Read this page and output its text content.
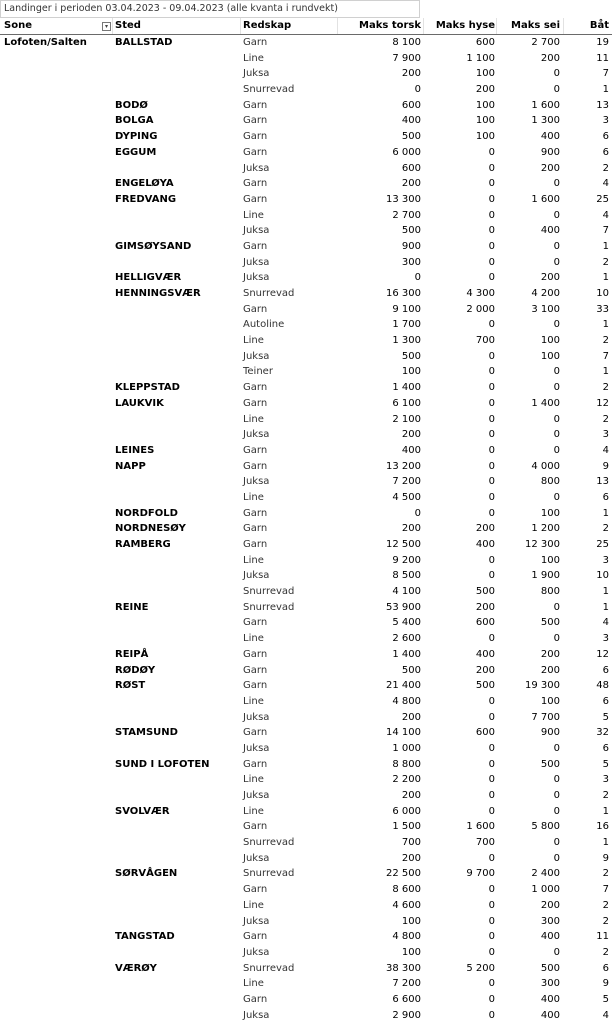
Landinger i perioden 03.04.2023 - 09.04.2023 (alle kvanta i rundvekt)
Sone	▾ Sted	Redskap	Maks torsk	Maks hyse	Maks sei	Båt
Lofoten/Salten	BALLSTAD	Garn	8 100	600	2 700	19
Line	7 900	1 100	200	11
Juksa	200	100	0	7
Snurrevad	0	200	0	1
BODØ	Garn	600	100	1 600	13
BOLGA	Garn	400	100	1 300	3
DYPING	Garn	500	100	400	6
EGGUM	Garn	6 000	0	900	6
Juksa	600	0	200	2
ENGELØYA	Garn	200	0	0	4
FREDVANG	Garn	13 300	0	1 600	25
Line	2 700	0	0	4
Juksa	500	0	400	7
GIMSØYSAND	Garn	900	0	0	1
Juksa	300	0	0	2
HELLIGVÆR	Juksa	0	0	200	1
HENNINGSVÆR	Snurrevad	16 300	4 300	4 200	10
Garn	9 100	2 000	3 100	33
Autoline	1 700	0	0	1
Line	1 300	700	100	2
Juksa	500	0	100	7
Teiner	100	0	0	1
KLEPPSTAD	Garn	1 400	0	0	2
LAUKVIK	Garn	6 100	0	1 400	12
Line	2 100	0	0	2
Juksa	200	0	0	3
LEINES	Garn	400	0	0	4
NAPP	Garn	13 200	0	4 000	9
Juksa	7 200	0	800	13
Line	4 500	0	0	6
NORDFOLD	Garn	0	0	100	1
NORDNESØY	Garn	200	200	1 200	2
RAMBERG	Garn	12 500	400	12 300	25
Line	9 200	0	100	3
Juksa	8 500	0	1 900	10
Snurrevad	4 100	500	800	1
REINE	Snurrevad	53 900	200	0	1
Garn	5 400	600	500	4
Line	2 600	0	0	3
REIPÅ	Garn	1 400	400	200	12
RØDØY	Garn	500	200	200	6
RØST	Garn	21 400	500	19 300	48
Line	4 800	0	100	6
Juksa	200	0	7 700	5
STAMSUND	Garn	14 100	600	900	32
Juksa	1 000	0	0	6
SUND I LOFOTEN	Garn	8 800	0	500	5
Line	2 200	0	0	3
Juksa	200	0	0	2
SVOLVÆR	Line	6 000	0	0	1
Garn	1 500	1 600	5 800	16
Snurrevad	700	700	0	1
Juksa	200	0	0	9
SØRVÅGEN	Snurrevad	22 500	9 700	2 400	2
Garn	8 600	0	1 000	7
Line	4 600	0	200	2
Juksa	100	0	300	2
TANGSTAD	Garn	4 800	0	400	11
Juksa	100	0	0	2
VÆRØY	Snurrevad	38 300	5 200	500	6
Line	7 200	0	300	9
Garn	6 600	0	400	5
Juksa	2 900	0	400	4
